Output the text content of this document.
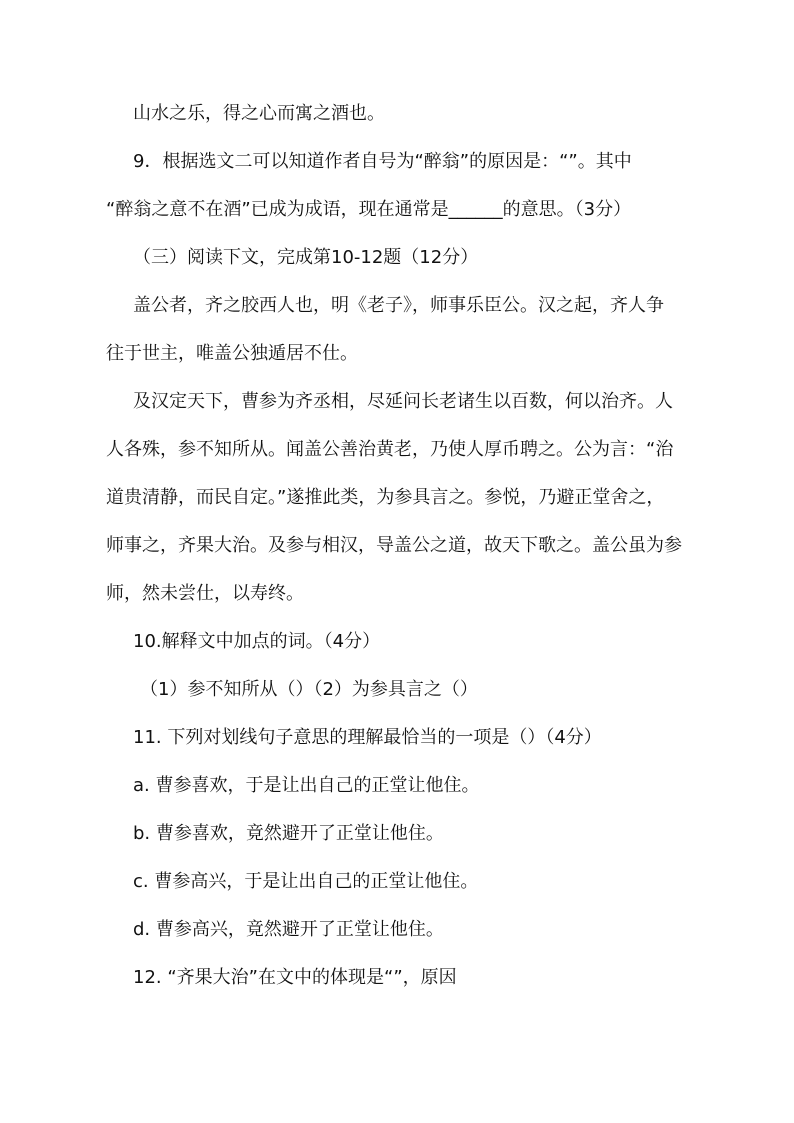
山水之乐，得之心而寓之酒也。
9．根据选文二可以知道作者自号为“醉翁”的原因是：“”。其中
“醉翁之意不在酒”已成为成语，现在通常是______的意思。（3分）
（三）阅读下文，完成第10-12题（12分）
盖公者，齐之胶西人也，明《老子》，师事乐臣公。汉之起，齐人争
往于世主，唯盖公独遁居不仕。
及汉定天下，曹参为齐丞相，尽延问长老诸生以百数，何以治齐。人
人各殊，参不知所从。闻盖公善治黄老，乃使人厚币聘之。公为言：“治
道贵清静，而民自定。”遂推此类，为参具言之。参悦，乃避正堂舍之，
师事之，齐果大治。及参与相汉，导盖公之道，故天下歌之。盖公虽为参
师，然未尝仕，以寿终。
10.解释文中加点的词。（4分）
（1）参不知所从（）（2）为参具言之（）
11. 下列对划线句子意思的理解最恰当的一项是（）（4分）
a. 曹参喜欢，于是让出自己的正堂让他住。
b. 曹参喜欢，竟然避开了正堂让他住。
c. 曹参高兴，于是让出自己的正堂让他住。
d. 曹参高兴，竟然避开了正堂让他住。
12. “齐果大治”在文中的体现是“”，原因
